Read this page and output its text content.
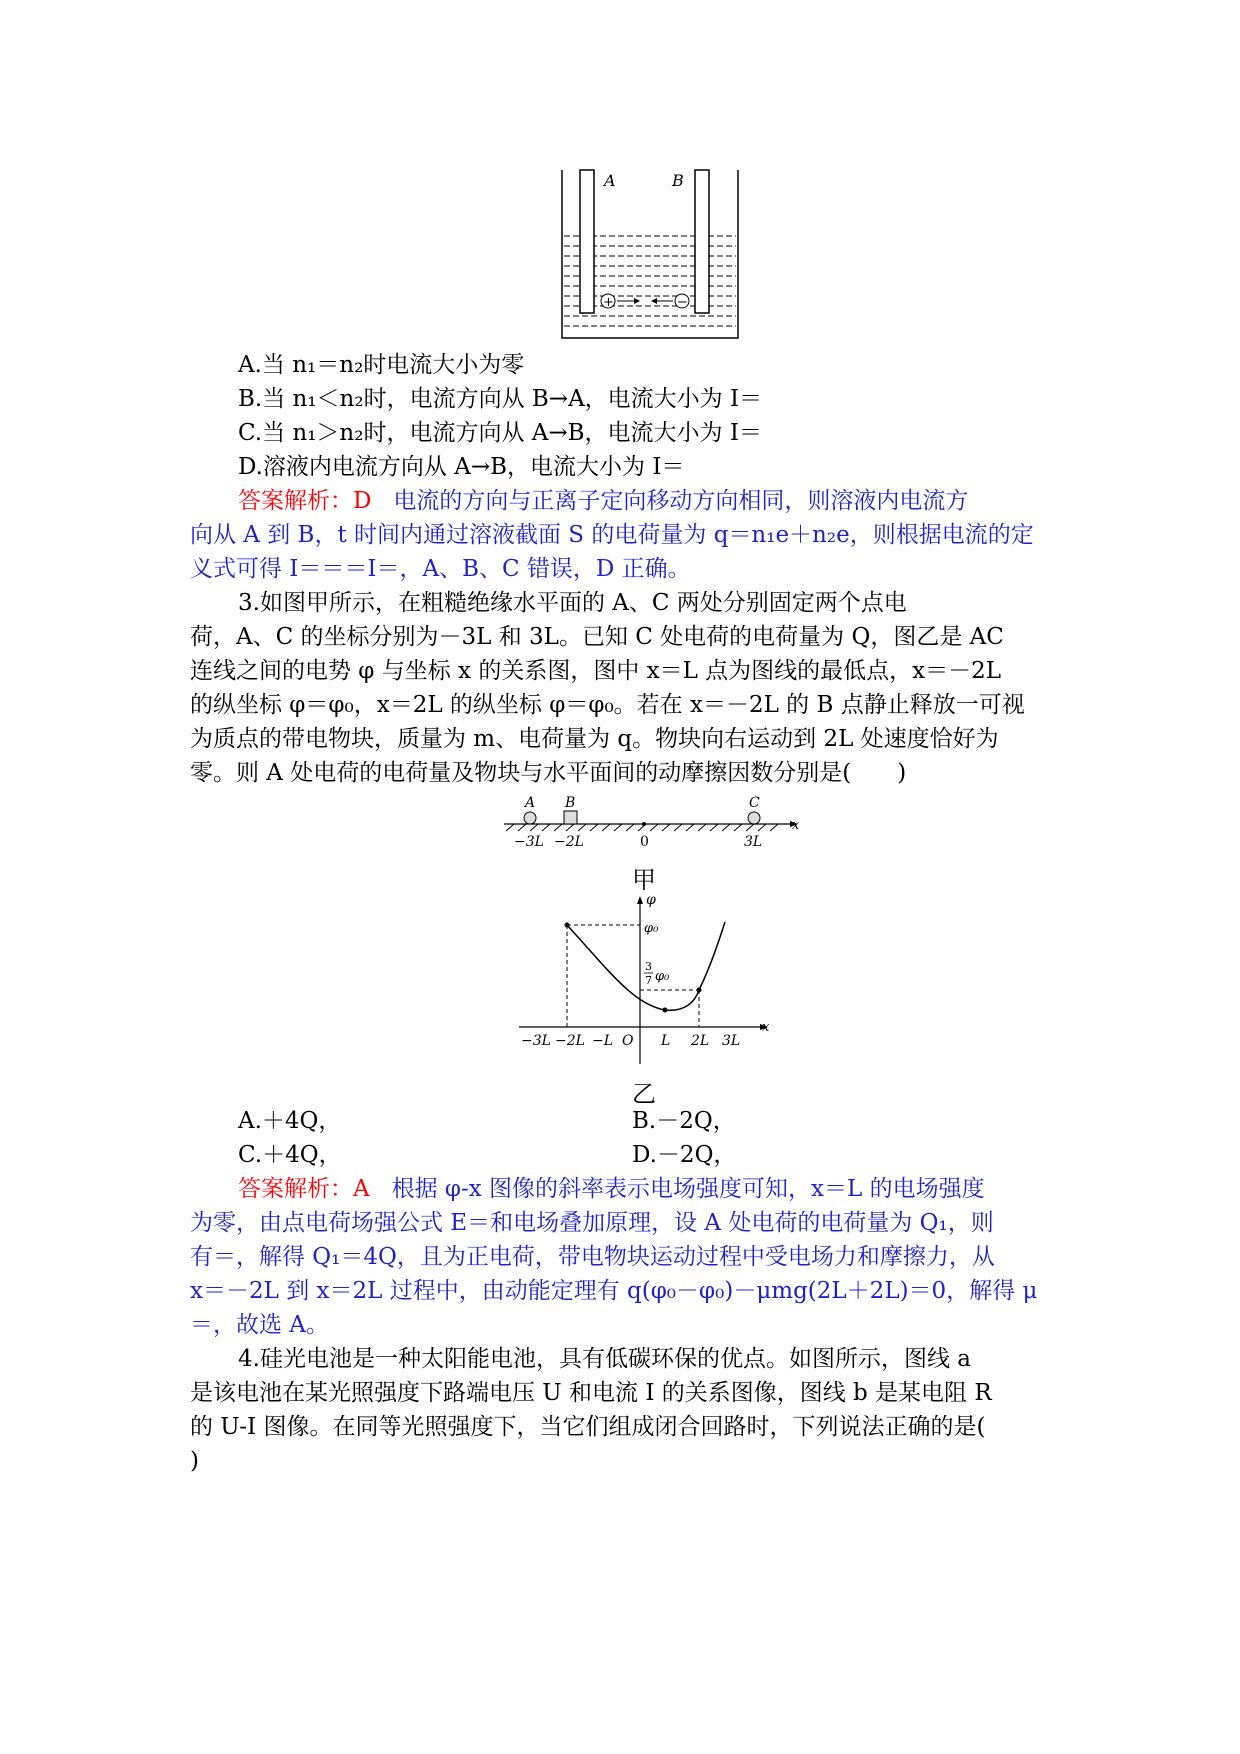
A	B
+	−
A.当 n₁＝n₂时电流大小为零
B.当 n₁＜n₂时，电流方向从 B→A，电流大小为 I＝
C.当 n₁＞n₂时，电流方向从 A→B，电流大小为 I＝
D.溶液内电流方向从 A→B，电流大小为 I＝
答案解析：D 电流的方向与正离子定向移动方向相同，则溶液内电流方
向从 A 到 B，t 时间内通过溶液截面 S 的电荷量为 q＝n₁e＋n₂e，则根据电流的定
义式可得 I＝＝＝I＝，A、B、C 错误，D 正确。
3.如图甲所示，在粗糙绝缘水平面的 A、C 两处分别固定两个点电
荷，A、C 的坐标分别为－3L 和 3L。已知 C 处电荷的电荷量为 Q，图乙是 AC
连线之间的电势 φ 与坐标 x 的关系图，图中 x＝L 点为图线的最低点，x＝－2L
的纵坐标 φ＝φ₀，x＝2L 的纵坐标 φ＝φ₀。若在 x＝－2L 的 B 点静止释放一可视
为质点的带电物块，质量为 m、电荷量为 q。物块向右运动到 2L 处速度恰好为
零。则 A 处电荷的电荷量及物块与水平面间的动摩擦因数分别是(　　)
A B	C
x
−3L −2L	0	3L
甲
φ
x
φ₀
3
7 φ₀
−3L −2L −L O L 2L 3L
乙
A.＋4Q，	B.－2Q，
C.＋4Q，	D.－2Q，
答案解析：A 根据 φ-x 图像的斜率表示电场强度可知，x＝L 的电场强度
为零，由点电荷场强公式 E＝和电场叠加原理，设 A 处电荷的电荷量为 Q₁，则
有＝，解得 Q₁＝4Q，且为正电荷，带电物块运动过程中受电场力和摩擦力，从
x＝－2L 到 x＝2L 过程中，由动能定理有 q(φ₀－φ₀)－μmg(2L＋2L)＝0，解得 μ
＝，故选 A。
4.硅光电池是一种太阳能电池，具有低碳环保的优点。如图所示，图线 a
是该电池在某光照强度下路端电压 U 和电流 I 的关系图像，图线 b 是某电阻 R
的 U-I 图像。在同等光照强度下，当它们组成闭合回路时，下列说法正确的是(
)
